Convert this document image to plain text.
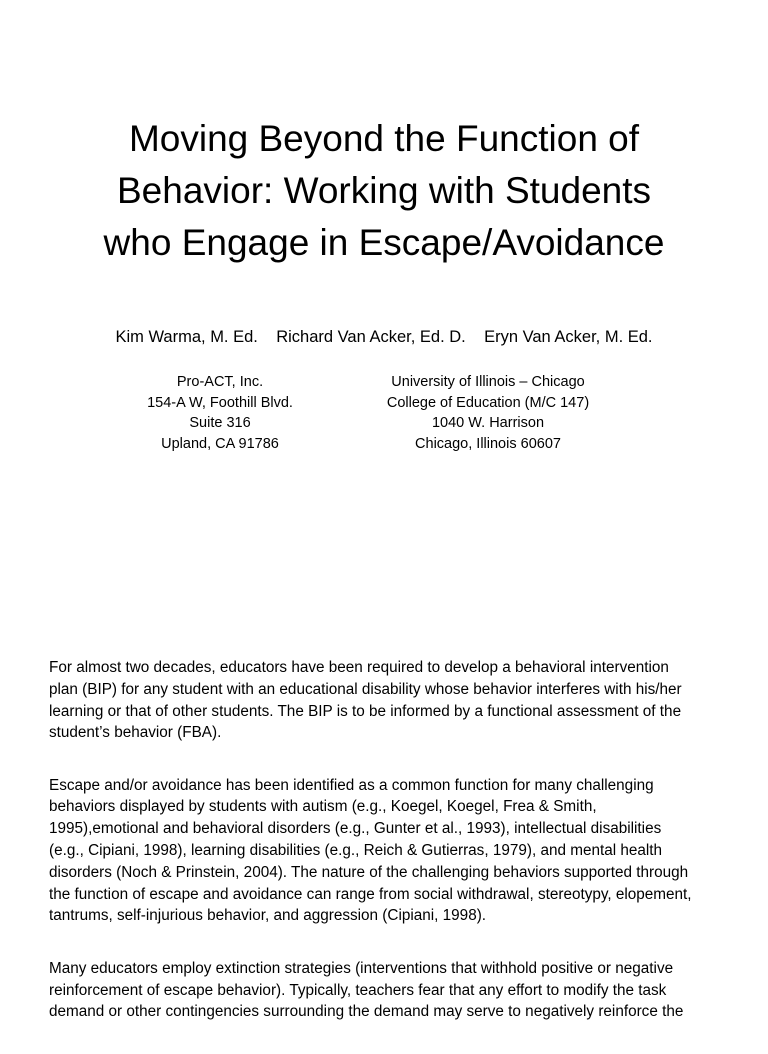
Moving Beyond the Function of
Behavior: Working with Students
who Engage in Escape/Avoidance
Kim Warma, M. Ed.    Richard Van Acker, Ed. D.    Eryn Van Acker, M. Ed.
Pro-ACT, Inc.
154-A W, Foothill Blvd.
Suite 316
Upland, CA 91786
University of Illinois – Chicago
College of Education (M/C 147)
1040 W. Harrison
Chicago, Illinois 60607

For almost two decades, educators have been required to develop a behavioral intervention
plan (BIP) for any student with an educational disability whose behavior interferes with his/her
learning or that of other students. The BIP is to be informed by a functional assessment of the
student’s behavior (FBA).

Escape and/or avoidance has been identified as a common function for many challenging
behaviors displayed by students with autism (e.g., Koegel, Koegel, Frea & Smith,
1995),emotional and behavioral disorders (e.g., Gunter et al., 1993), intellectual disabilities
(e.g., Cipiani, 1998), learning disabilities (e.g., Reich & Gutierras, 1979), and mental health
disorders (Noch & Prinstein, 2004). The nature of the challenging behaviors supported through
the function of escape and avoidance can range from social withdrawal, stereotypy, elopement,
tantrums, self-injurious behavior, and aggression (Cipiani, 1998).

Many educators employ extinction strategies (interventions that withhold positive or negative
reinforcement of escape behavior). Typically, teachers fear that any effort to modify the task
demand or other contingencies surrounding the demand may serve to negatively reinforce the
